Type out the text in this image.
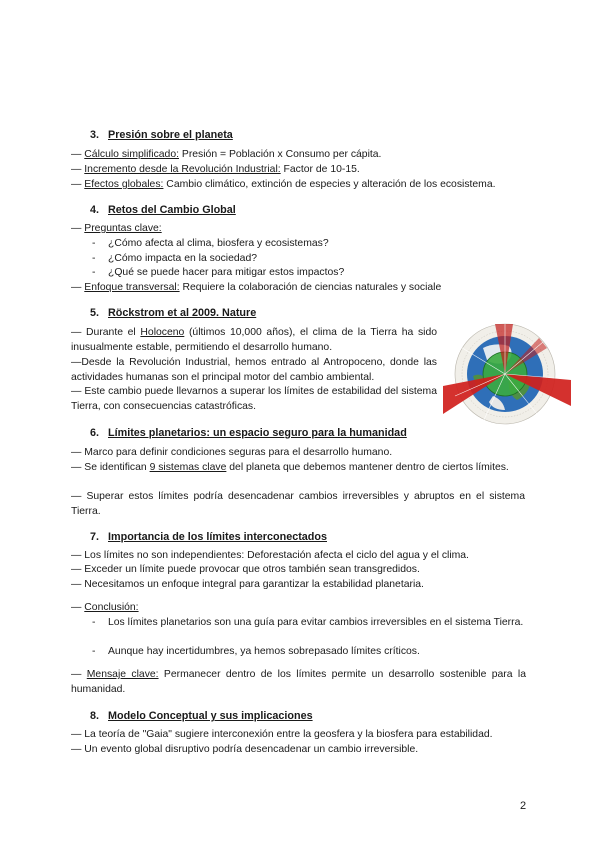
3. Presión sobre el planeta
— Cálculo simplificado: Presión = Población x Consumo per cápita.
— Incremento desde la Revolución Industrial: Factor de 10-15.
— Efectos globales: Cambio climático, extinción de especies y alteración de los ecosistema.
4. Retos del Cambio Global
— Preguntas clave:
- ¿Cómo afecta al clima, biosfera y ecosistemas?
- ¿Cómo impacta en la sociedad?
- ¿Qué se puede hacer para mitigar estos impactos?
— Enfoque transversal: Requiere la colaboración de ciencias naturales y sociale
5. Röckstrom et al 2009. Nature
— Durante el Holoceno (últimos 10,000 años), el clima de la Tierra ha sido inusualmente estable, permitiendo el desarrollo humano.
—Desde la Revolución Industrial, hemos entrado al Antropoceno, donde las actividades humanas son el principal motor del cambio ambiental.
— Este cambio puede llevarnos a superar los límites de estabilidad del sistema Tierra, con consecuencias catastróficas.
6. Límites planetarios: un espacio seguro para la humanidad
— Marco para definir condiciones seguras para el desarrollo humano.
— Se identifican 9 sistemas clave del planeta que debemos mantener dentro de ciertos límites.
— Superar estos límites podría desencadenar cambios irreversibles y abruptos en el sistema Tierra.
7. Importancia de los límites interconectados
— Los límites no son independientes: Deforestación afecta el ciclo del agua y el clima.
— Exceder un límite puede provocar que otros también sean transgredidos.
— Necesitamos un enfoque integral para garantizar la estabilidad planetaria.
— Conclusión:
- Los límites planetarios son una guía para evitar cambios irreversibles en el sistema Tierra.
- Aunque hay incertidumbres, ya hemos sobrepasado límites críticos.
— Mensaje clave: Permanecer dentro de los límites permite un desarrollo sostenible para la humanidad.
8. Modelo Conceptual y sus implicaciones
— La teoría de "Gaia" sugiere interconexión entre la geosfera y la biosfera para estabilidad.
— Un evento global disruptivo podría desencadenar un cambio irreversible.
2
